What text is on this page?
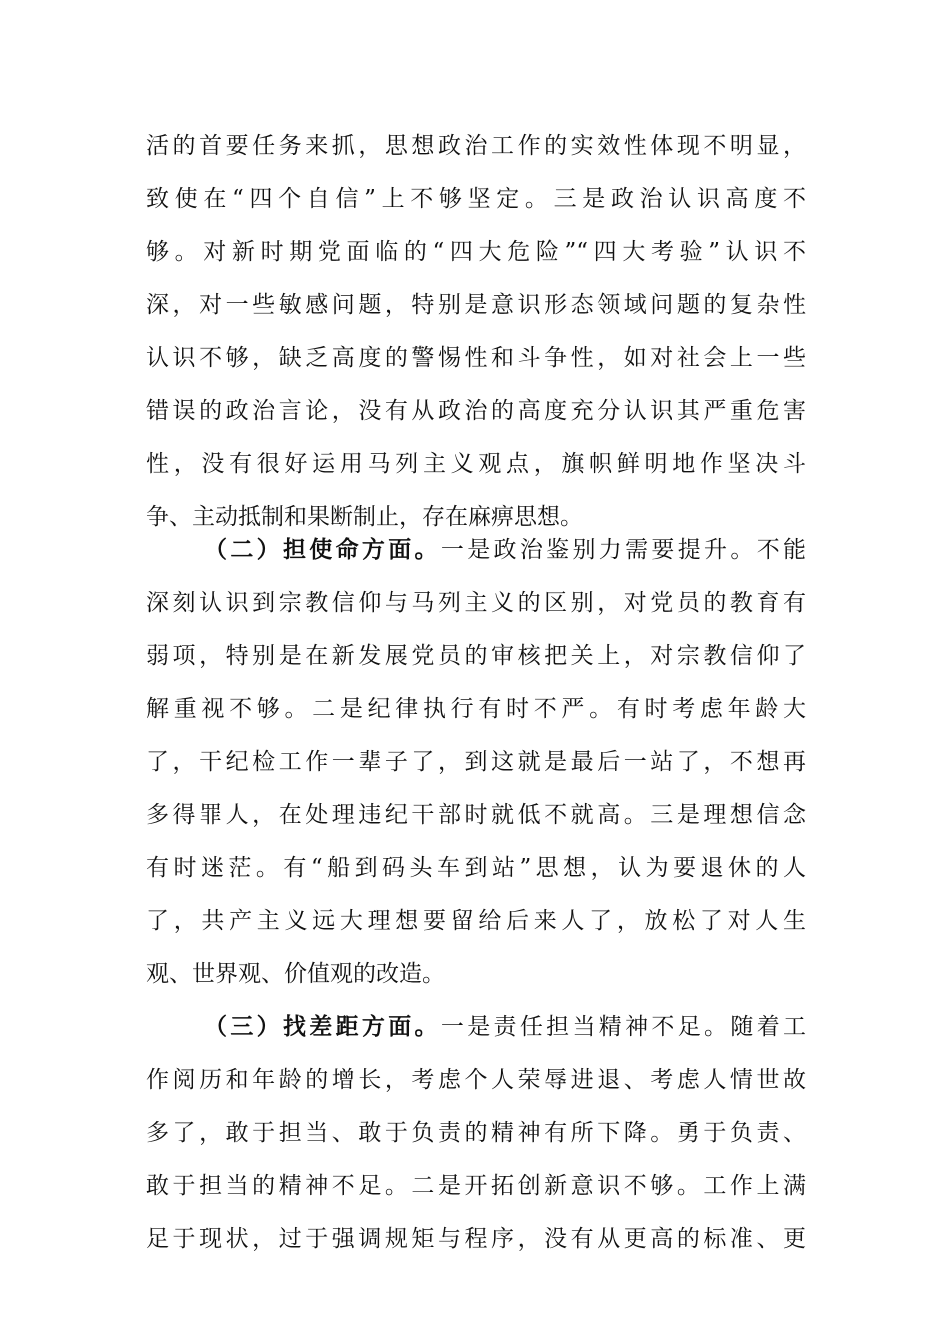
活的首要任务来抓，思想政治工作的实效性体现不明显，
致使在“四个自信”上不够坚定。三是政治认识高度不
够。对新时期党面临的“四大危险”“四大考验”认识不
深，对一些敏感问题，特别是意识形态领域问题的复杂性
认识不够，缺乏高度的警惕性和斗争性，如对社会上一些
错误的政治言论，没有从政治的高度充分认识其严重危害
性，没有很好运用马列主义观点，旗帜鲜明地作坚决斗
争、主动抵制和果断制止，存在麻痹思想。
（二）担使命方面。一是政治鉴别力需要提升。不能
深刻认识到宗教信仰与马列主义的区别，对党员的教育有
弱项，特别是在新发展党员的审核把关上，对宗教信仰了
解重视不够。二是纪律执行有时不严。有时考虑年龄大
了，干纪检工作一辈子了，到这就是最后一站了，不想再
多得罪人，在处理违纪干部时就低不就高。三是理想信念
有时迷茫。有“船到码头车到站”思想，认为要退休的人
了，共产主义远大理想要留给后来人了，放松了对人生
观、世界观、价值观的改造。
（三）找差距方面。一是责任担当精神不足。随着工
作阅历和年龄的增长，考虑个人荣辱进退、考虑人情世故
多了，敢于担当、敢于负责的精神有所下降。勇于负责、
敢于担当的精神不足。二是开拓创新意识不够。工作上满
足于现状，过于强调规矩与程序，没有从更高的标准、更
